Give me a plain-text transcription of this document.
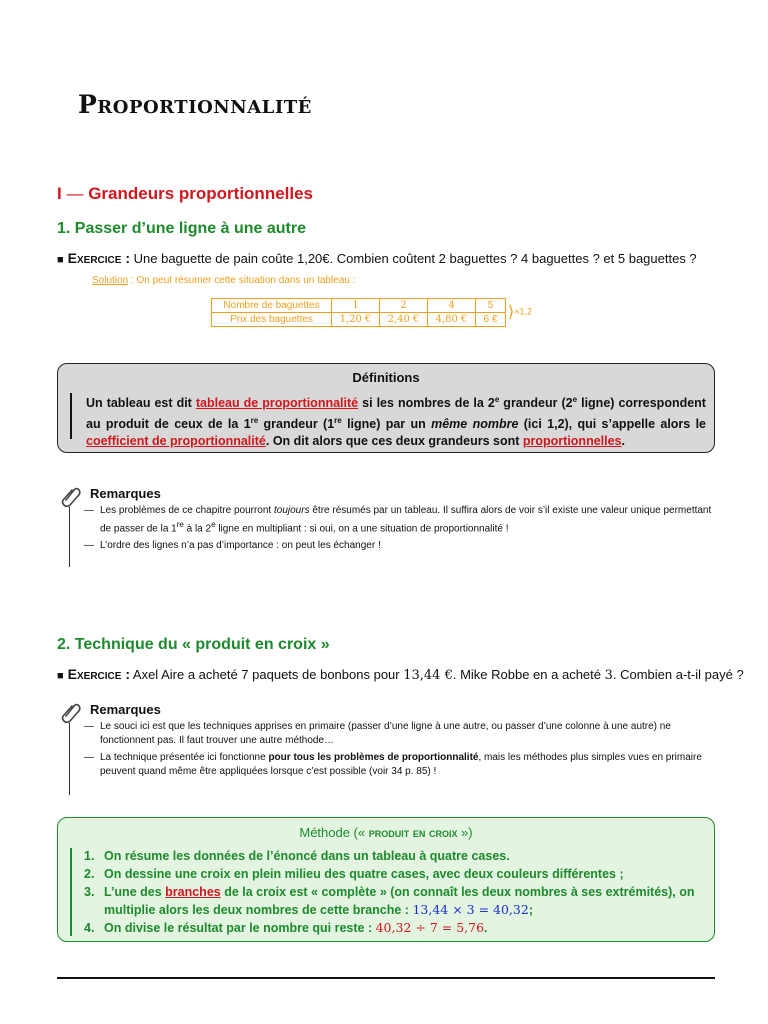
Proportionnalité
I — Grandeurs proportionnelles
1. Passer d’une ligne à une autre
■ Exercice : Une baguette de pain coûte 1,20€. Combien coûtent 2 baguettes ? 4 baguettes ? et 5 baguettes ?
Solution : On peut résumer cette situation dans un tableau :
Nombre de baguettes	1	2	4	5
Prix des baguettes	1,20 €	2,40 €	4,80 €	6 € ⟩×1,2
Définitions
Un tableau est dit tableau de proportionnalité si les nombres de la 2e grandeur (2e ligne) correspondent au produit de ceux de la 1re grandeur (1re ligne) par un même nombre (ici 1,2), qui s’appelle alors le coefficient de proportionnalité. On dit alors que ces deux grandeurs sont proportionnelles.
Remarques
— Les problèmes de ce chapitre pourront toujours être résumés par un tableau. Il suffira alors de voir s’il existe une valeur unique permettant de passer de la 1re à la 2e ligne en multipliant : si oui, on a une situation de proportionnalité !
— L’ordre des lignes n’a pas d’importance : on peut les échanger !
2. Technique du « produit en croix »
■ Exercice : Axel Aire a acheté 7 paquets de bonbons pour 13,44 €. Mike Robbe en a acheté 3. Combien a-t-il payé ?
Remarques
— Le souci ici est que les techniques apprises en primaire (passer d’une ligne à une autre, ou passer d’une colonne à une autre) ne fonctionnent pas. Il faut trouver une autre méthode…
— La technique présentée ici fonctionne pour tous les problèmes de proportionnalité, mais les méthodes plus simples vues en primaire peuvent quand même être appliquées lorsque c’est possible (voir 34 p. 85) !
Méthode (« produit en croix »)
1. On résume les données de l’énoncé dans un tableau à quatre cases.
2. On dessine une croix en plein milieu des quatre cases, avec deux couleurs différentes ;
3. L’une des branches de la croix est « complète » (on connaît les deux nombres à ses extrémités), on multiplie alors les deux nombres de cette branche : 13,44 × 3 = 40,32;
4. On divise le résultat par le nombre qui reste : 40,32 ÷ 7 = 5,76.
